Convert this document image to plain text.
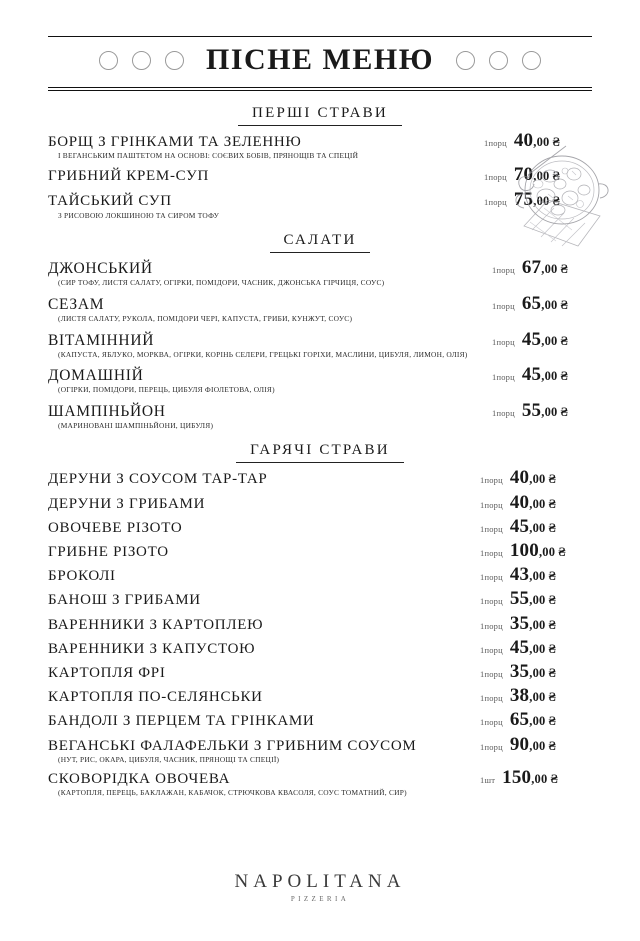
ПІСНЕ МЕНЮ
ПЕРШІ СТРАВИ
БОРЩ З ГРІНКАМИ ТА ЗЕЛЕННЮ	1порц 40 ,00 ₴
І ВЕГАНСЬКИМ ПАШТЕТОМ НА ОСНОВІ: СОЄВИХ БОБІВ, ПРЯНОЩІВ ТА СПЕЦІЙ
ГРИБНИЙ КРЕМ-СУП	1порц 70 ,00 ₴
ТАЙСЬКИЙ СУП	1порц 75 ,00 ₴
З РИСОВОЮ ЛОКШИНОЮ ТА СИРОМ ТОФУ
САЛАТИ
ДЖОНСЬКИЙ	1порц 67 ,00 ₴
(СИР ТОФУ, ЛИСТЯ САЛАТУ, ОГІРКИ, ПОМІДОРИ, ЧАСНИК, ДЖОНСЬКА ГІРЧИЦЯ, СОУС)
СЕЗАМ	1порц 65 ,00 ₴
(ЛИСТЯ САЛАТУ, РУКОЛА, ПОМІДОРИ ЧЕРІ, КАПУСТА, ГРИБИ, КУНЖУТ, СОУС)
ВІТАМІННИЙ	1порц 45 ,00 ₴
(КАПУСТА, ЯБЛУКО, МОРКВА, ОГІРКИ, КОРІНЬ СЕЛЕРИ, ГРЕЦЬКІ ГОРІХИ, МАСЛИНИ, ЦИБУЛЯ, ЛИМОН, ОЛІЯ)
ДОМАШНІЙ	1порц 45 ,00 ₴
(ОГІРКИ, ПОМІДОРИ, ПЕРЕЦЬ, ЦИБУЛЯ ФІОЛЕТОВА, ОЛІЯ)
ШАМПІНЬЙОН	1порц 55 ,00 ₴
(МАРИНОВАНІ ШАМПІНЬЙОНИ, ЦИБУЛЯ)
ГАРЯЧІ СТРАВИ
ДЕРУНИ З СОУСОМ ТАР-ТАР	1порц 40 ,00 ₴
ДЕРУНИ З ГРИБАМИ	1порц 40 ,00 ₴
ОВОЧЕВЕ РІЗОТО	1порц 45 ,00 ₴
ГРИБНЕ РІЗОТО	1порц 100 ,00 ₴
БРОКОЛІ	1порц 43 ,00 ₴
БАНОШ З ГРИБАМИ	1порц 55 ,00 ₴
ВАРЕННИКИ З КАРТОПЛЕЮ	1порц 35 ,00 ₴
ВАРЕННИКИ З КАПУСТОЮ	1порц 45 ,00 ₴
КАРТОПЛЯ ФРІ	1порц 35 ,00 ₴
КАРТОПЛЯ ПО-СЕЛЯНСЬКИ	1порц 38 ,00 ₴
БАНДОЛІ З ПЕРЦЕМ ТА ГРІНКАМИ	1порц 65 ,00 ₴
ВЕГАНСЬКІ ФАЛАФЕЛЬКИ З ГРИБНИМ СОУСОМ	1порц 90 ,00 ₴
(НУТ, РИС, ОКАРА, ЦИБУЛЯ, ЧАСНИК, ПРЯНОЩІ ТА СПЕЦІЇ)
СКОВОРІДКА ОВОЧЕВА	1шт 150 ,00 ₴
(КАРТОПЛЯ, ПЕРЕЦЬ, БАКЛАЖАН, КАБАЧОК, СТРЮЧКОВА КВАСОЛЯ, СОУС ТОМАТНИЙ, СИР)
NAPOLITANA
PIZZERIA
